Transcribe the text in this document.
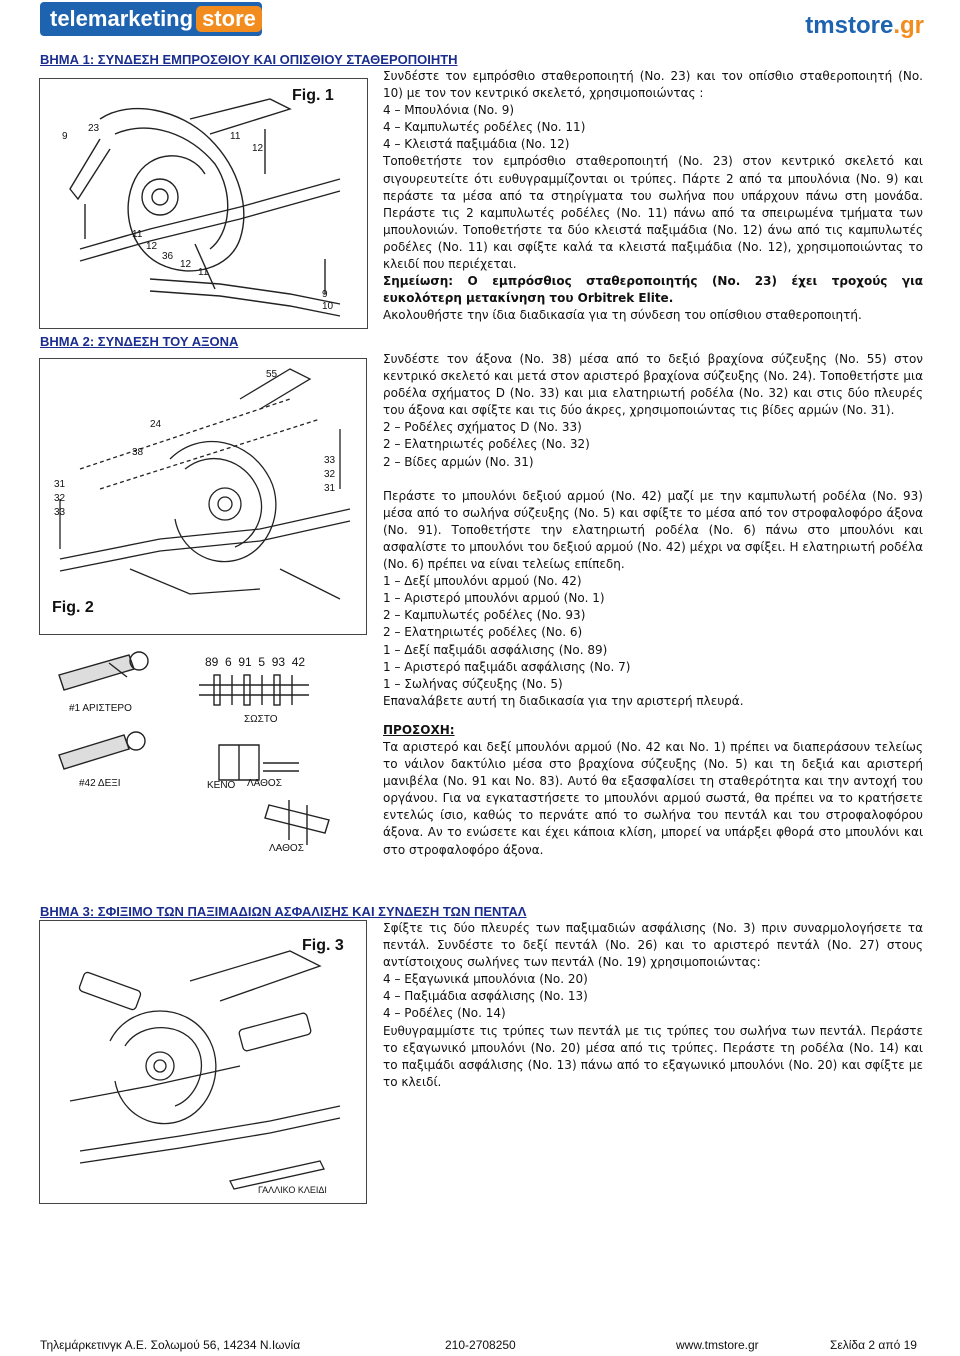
telemarketing store	tmstore.gr
ΒΗΜΑ 1: ΣΥΝΔΕΣΗ ΕΜΠΡΟΣΘΙΟΥ ΚΑΙ ΟΠΙΣΘΙΟΥ ΣΤΑΘΕΡΟΠΟΙΗΤΗ
Fig. 1
9
23
11
12
11
12
36
12
11
9
10

Συνδέστε τον εμπρόσθιο σταθεροποιητή (Νο. 23) και τον οπίσθιο σταθεροποιητή (Νο. 10) με τον τον κεντρικό σκελετό, χρησιμοποιώντας :

4 – Μπουλόνια (Νο. 9)

4 – Καμπυλωτές ροδέλες (Νο. 11)

4 – Κλειστά παξιμάδια (Νο. 12)

Τοποθετήστε τον εμπρόσθιο σταθεροποιητή (Νο. 23) στον κεντρικό σκελετό και σιγουρευτείτε ότι ευθυγραμμίζονται οι τρύπες. Πάρτε 2 από τα μπουλόνια (Νο. 9) και περάστε τα μέσα από τα στηρίγματα του σωλήνα που υπάρχουν πάνω στη μονάδα. Περάστε τις 2 καμπυλωτές ροδέλες (Νο. 11) πάνω από τα σπειρωμένα τμήματα των μπουλονιών. Τοποθετήστε τα δύο κλειστά παξιμάδια (Νο. 12) άνω από τις καμπυλωτές ροδέλες (Νο. 11) και σφίξτε καλά τα κλειστά παξιμάδια (Νο. 12), χρησιμοποιώντας το κλειδί που περιέχεται.

Σημείωση: Ο εμπρόσθιος σταθεροποιητής (Νο. 23) έχει τροχούς για ευκολότερη μετακίνηση του Orbitrek Elite.

Ακολουθήστε την ίδια διαδικασία για τη σύνδεση του οπίσθιου σταθεροποιητή.

ΒΗΜΑ 2: ΣΥΝΔΕΣΗ ΤΟΥ ΑΞΟΝΑ
Fig. 2
31
32
33
38
24
33
32
31
55
89  6  91  5  93  42
#1 ΑΡΙΣΤΕΡΟ
#42 ΔΕΞΙ
ΣΩΣΤΟ
ΚΕΝΟ ΛΑΘΟΣ
ΛΑΘΟΣ

Συνδέστε τον άξονα (Νο. 38) μέσα από το δεξιό βραχίονα σύζευξης (Νο. 55) στον κεντρικό σκελετό και μετά στον αριστερό βραχίονα σύζευξης (Νο. 24). Τοποθετήστε μια ροδέλα σχήματος D (Νο. 33) και μια ελατηριωτή ροδέλα (Νο. 32) και στις δύο πλευρές του άξονα και σφίξτε και τις δύο άκρες, χρησιμοποιώντας τις βίδες αρμών (Νο. 31).

2 – Ροδέλες σχήματος D (Νο. 33)

2 – Ελατηριωτές ροδέλες (Νο. 32)

2 – Βίδες αρμών (Νο. 31)

Περάστε το μπουλόνι δεξιού αρμού (Νο. 42) μαζί με την καμπυλωτή ροδέλα (Νο. 93) μέσα από το σωλήνα σύζευξης (Νο. 5) και σφίξτε το μέσα από τον στροφαλοφόρο άξονα (Νο. 91). Τοποθετήστε την ελατηριωτή ροδέλα (Νο. 6) πάνω στο μπουλόνι και ασφαλίστε το μπουλόνι του δεξιού αρμού (Νο. 42) μέχρι να σφίξει. Η ελατηριωτή ροδέλα (Νο. 6) πρέπει να είναι τελείως επίπεδη.

1 – Δεξί μπουλόνι αρμού (Νο. 42)

1 – Αριστερό μπουλόνι αρμού (Νο. 1)

2 – Καμπυλωτές ροδέλες (Νο. 93)

2 – Ελατηριωτές ροδέλες (Νο. 6)

1 – Δεξί παξιμάδι ασφάλισης (Νο. 89)

1 – Αριστερό παξιμάδι ασφάλισης (Νο. 7)

1 – Σωλήνας σύζευξης (Νο. 5)

Επαναλάβετε αυτή τη διαδικασία για την αριστερή πλευρά.

ΠΡΟΣΟΧΗ:

Τα αριστερό και δεξί μπουλόνι αρμού (Νο. 42 και Νο. 1) πρέπει να διαπεράσουν τελείως το νάιλον δακτύλιο μέσα στο βραχίονα σύζευξης (Νο. 5) και τη δεξιά και αριστερή μανιβέλα (Νο. 91 και Νο. 83). Αυτό θα εξασφαλίσει τη σταθερότητα και την αντοχή του οργάνου. Για να εγκαταστήσετε το μπουλόνι αρμού σωστά, θα πρέπει να το κρατήσετε εντελώς ίσιο, καθώς το περνάτε από το σωλήνα του πεντάλ και του στροφαλοφόρου άξονα. Αν το ενώσετε και έχει κάποια κλίση, μπορεί να υπάρξει φθορά στο μπουλόνι και στο στροφαλοφόρο άξονα.

ΒΗΜΑ 3: ΣΦΙΞΙΜΟ ΤΩΝ ΠΑΞΙΜΑΔΙΩΝ ΑΣΦΑΛΙΣΗΣ ΚΑΙ ΣΥΝΔΕΣΗ ΤΩΝ ΠΕΝΤΑΛ
Fig. 3
ΓΑΛΛΙΚΟ ΚΛΕΙΔΙ

Σφίξτε τις δύο πλευρές των παξιμαδιών ασφάλισης (Νο. 3) πριν συναρμολογήσετε τα πεντάλ. Συνδέστε το δεξί πεντάλ (Νο. 26) και το αριστερό πεντάλ (Νο. 27) στους αντίστοιχους σωλήνες των πεντάλ (Νο. 19) χρησιμοποιώντας:

4 – Εξαγωνικά μπουλόνια (Νο. 20)

4 – Παξιμάδια ασφάλισης (Νο. 13)

4 – Ροδέλες (Νο. 14)

Ευθυγραμμίστε τις τρύπες των πεντάλ με τις τρύπες του σωλήνα των πεντάλ. Περάστε το εξαγωνικό μπουλόνι (Νο. 20) μέσα από τις τρύπες. Περάστε τη ροδέλα (Νο. 14) και το παξιμάδι ασφάλισης (Νο. 13) πάνω από το εξαγωνικό μπουλόνι (Νο. 20) και σφίξτε με το κλειδί.

Τηλεμάρκετινγκ Α.Ε. Σολωμού 56, 14234 Ν.Ιωνία	210-2708250	www.tmstore.gr	Σελίδα 2 από 19
